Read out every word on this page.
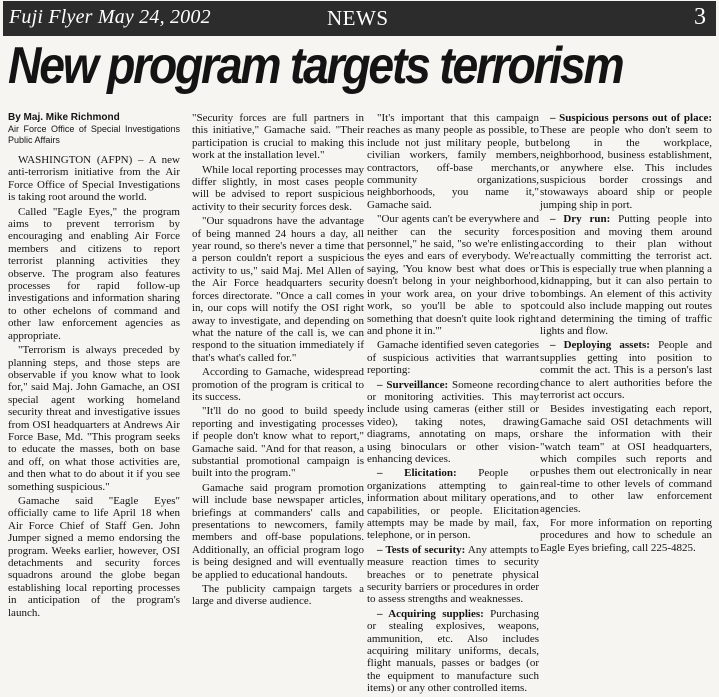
Fuji Flyer May 24, 2002	NEWS	3
New program targets terrorism
By Maj. Mike Richmond
Air Force Office of Special Investigations Public Affairs

WASHINGTON (AFPN) – A new anti-terrorism initiative from the Air Force Office of Special Investigations is taking root around the world.

Called "Eagle Eyes," the program aims to prevent terrorism by encouraging and enabling Air Force members and citizens to report terrorist planning activities they observe. The program also features processes for rapid follow-up investigations and information sharing to other echelons of command and other law enforcement agencies as appropriate.

"Terrorism is always preceded by planning steps, and those steps are observable if you know what to look for," said Maj. John Gamache, an OSI special agent working homeland security threat and investigative issues from OSI headquarters at Andrews Air Force Base, Md. "This program seeks to educate the masses, both on base and off, on what those activities are, and then what to do about it if you see something suspicious."

Gamache said "Eagle Eyes" officially came to life April 18 when Air Force Chief of Staff Gen. John Jumper signed a memo endorsing the program. Weeks earlier, however, OSI detachments and security forces squadrons around the globe began establishing local reporting processes in anticipation of the program's launch.

"Security forces are full partners in this initiative," Gamache said. "Their participation is crucial to making this work at the installation level."

While local reporting processes may differ slightly, in most cases people will be advised to report suspicious activity to their security forces desk.

"Our squadrons have the advantage of being manned 24 hours a day, all year round, so there's never a time that a person couldn't report a suspicious activity to us," said Maj. Mel Allen of the Air Force headquarters security forces directorate. "Once a call comes in, our cops will notify the OSI right away to investigate, and depending on what the nature of the call is, we can respond to the situation immediately if that's what's called for."

According to Gamache, widespread promotion of the program is critical to its success.

"It'll do no good to build speedy reporting and investigating processes if people don't know what to report," Gamache said. "And for that reason, a substantial promotional campaign is built into the program."

Gamache said program promotion will include base newspaper articles, briefings at commanders' calls and presentations to newcomers, family members and off-base populations. Additionally, an official program logo is being designed and will eventually be applied to educational handouts.

The publicity campaign targets a large and diverse audience.

"It's important that this campaign reaches as many people as possible, to include not just military people, but civilian workers, family members, contractors, off-base merchants, community organizations, neighborhoods, you name it," Gamache said.

"Our agents can't be everywhere and neither can the security forces personnel," he said, "so we're enlisting the eyes and ears of everybody. We're saying, 'You know best what does or doesn't belong in your neighborhood, in your work area, on your drive to work, so you'll be able to spot something that doesn't quite look right and phone it in.'"

Gamache identified seven categories of suspicious activities that warrant reporting:

– Surveillance: Someone recording or monitoring activities. This may include using cameras (either still or video), taking notes, drawing diagrams, annotating on maps, or using binoculars or other vision-enhancing devices.

– Elicitation: People or organizations attempting to gain information about military operations, capabilities, or people. Elicitation attempts may be made by mail, fax, telephone, or in person.

– Tests of security: Any attempts to measure reaction times to security breaches or to penetrate physical security barriers or procedures in order to assess strengths and weaknesses.

– Acquiring supplies: Purchasing or stealing explosives, weapons, ammunition, etc. Also includes acquiring military uniforms, decals, flight manuals, passes or badges (or the equipment to manufacture such items) or any other controlled items.

– Suspicious persons out of place: These are people who don't seem to belong in the workplace, neighborhood, business establishment, or anywhere else. This includes suspicious border crossings and stowaways aboard ship or people jumping ship in port.

– Dry run: Putting people into position and moving them around according to their plan without actually committing the terrorist act. This is especially true when planning a kidnapping, but it can also pertain to bombings. An element of this activity could also include mapping out routes and determining the timing of traffic lights and flow.

– Deploying assets: People and supplies getting into position to commit the act. This is a person's last chance to alert authorities before the terrorist act occurs.

Besides investigating each report, Gamache said OSI detachments will share the information with their "watch team" at OSI headquarters, which compiles such reports and pushes them out electronically in near real-time to other levels of command and to other law enforcement agencies.

For more information on reporting procedures and how to schedule an Eagle Eyes briefing, call 225-4825.
